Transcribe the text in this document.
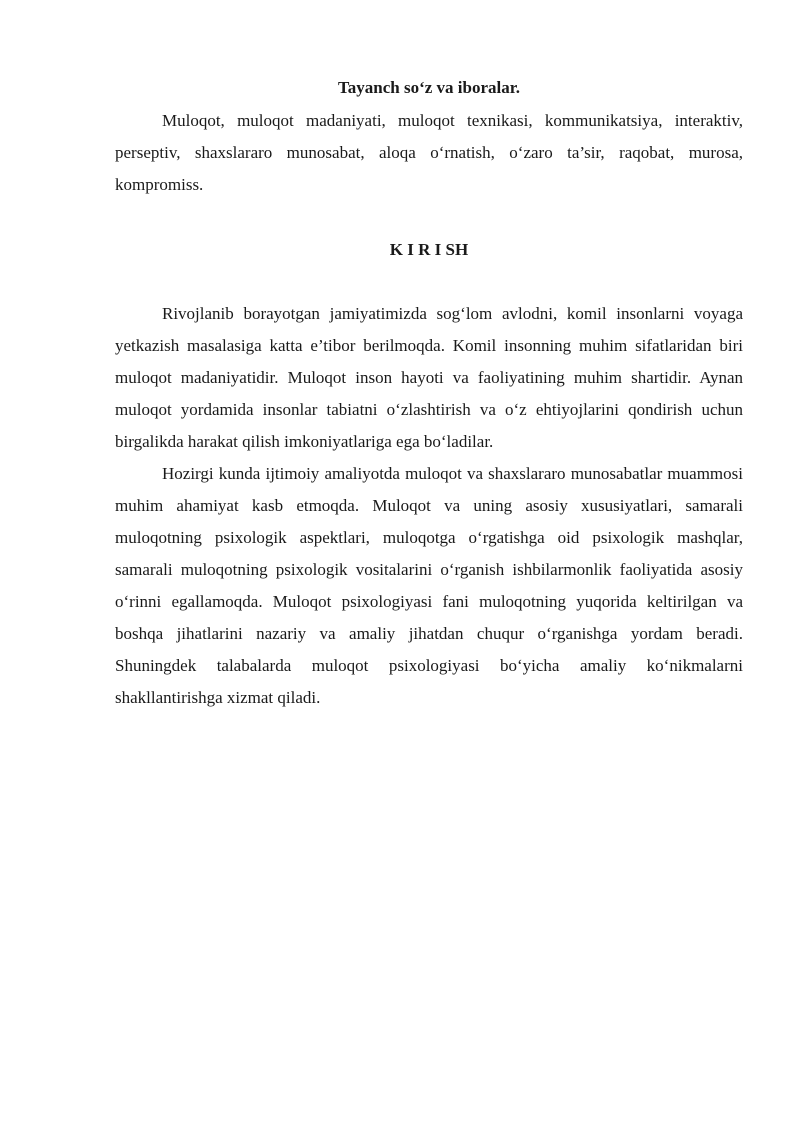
Tayanch so‘z va iboralar.

Muloqot, muloqot madaniyati, muloqot texnikasi, kommunikatsiya, interaktiv, perseptiv, shaxslararo munosabat, aloqa o‘rnatish, o‘zaro ta’sir, raqobat, murosa, kompromiss.

K I R I SH

Rivojlanib borayotgan jamiyatimizda sog‘lom avlodni, komil insonlarni voyaga yetkazish masalasiga katta e’tibor berilmoqda. Komil insonning muhim sifatlaridan biri muloqot madaniyatidir. Muloqot inson hayoti va faoliyatining muhim shartidir. Aynan muloqot yordamida insonlar tabiatni o‘zlashtirish va o‘z ehtiyojlarini qondirish uchun birgalikda harakat qilish imkoniyatlariga ega bo‘ladilar.

Hozirgi kunda ijtimoiy amaliyotda muloqot va shaxslararo munosabatlar muammosi muhim ahamiyat kasb etmoqda. Muloqot va uning asosiy xususiyatlari, samarali muloqotning psixologik aspektlari, muloqotga o‘rgatishga oid psixologik mashqlar, samarali muloqotning psixologik vositalarini o‘rganish ishbilarmonlik faoliyatida asosiy o‘rinni egallamoqda. Muloqot psixologiyasi fani muloqotning yuqorida keltirilgan va boshqa jihatlarini nazariy va amaliy jihatdan chuqur o‘rganishga yordam beradi. Shuningdek talabalarda muloqot psixologiyasi bo‘yicha amaliy ko‘nikmalarni shakllantirishga xizmat qiladi.
